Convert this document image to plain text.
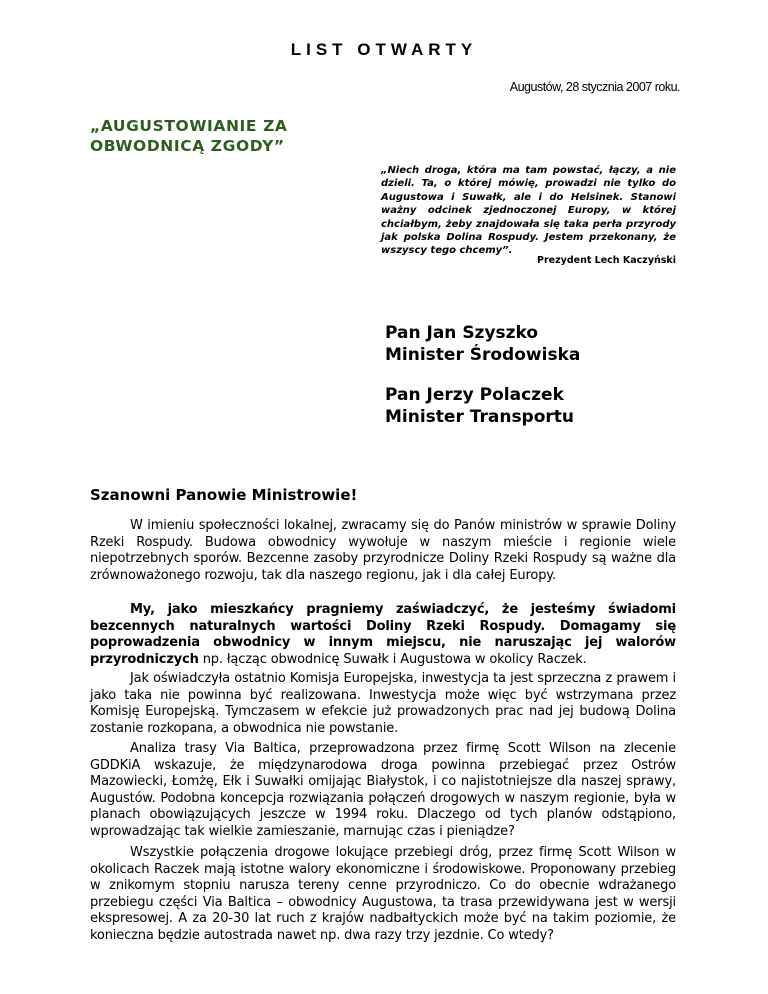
LIST OTWARTY
Augustów, 28 stycznia 2007 roku.
„AUGUSTOWIANIE ZA
OBWODNICĄ ZGODY”

„Niech droga, która ma tam powstać, łączy, a nie dzieli. Ta, o której mówię, prowadzi nie tylko do Augustowa i Suwałk, ale i do Helsinek. Stanowi ważny odcinek zjednoczonej Europy, w której chciałbym, żeby znajdowała się taka perła przyrody jak polska Dolina Rospudy. Jestem przekonany, że wszyscy tego chcemy”.

Prezydent Lech Kaczyński
Pan Jan Szyszko
Minister Środowiska
Pan Jerzy Polaczek
Minister Transportu
Szanowni Panowie Ministrowie!

W imieniu społeczności lokalnej, zwracamy się do Panów ministrów w sprawie Doliny Rzeki Rospudy. Budowa obwodnicy wywołuje w naszym mieście i regionie wiele niepotrzebnych sporów. Bezcenne zasoby przyrodnicze Doliny Rzeki Rospudy są ważne dla zrównoważonego rozwoju, tak dla naszego regionu, jak i dla całej Europy.

My, jako mieszkańcy pragniemy zaświadczyć, że jesteśmy świadomi bezcennych naturalnych wartości Doliny Rzeki Rospudy. Domagamy się poprowadzenia obwodnicy w innym miejscu, nie naruszając jej walorów przyrodniczych np. łącząc obwodnicę Suwałk i Augustowa w okolicy Raczek.

Jak oświadczyła ostatnio Komisja Europejska, inwestycja ta jest sprzeczna z prawem i jako taka nie powinna być realizowana. Inwestycja może więc być wstrzymana przez Komisję Europejską. Tymczasem w efekcie już prowadzonych prac nad jej budową Dolina zostanie rozkopana, a obwodnica nie powstanie.

Analiza trasy Via Baltica, przeprowadzona przez firmę Scott Wilson na zlecenie GDDKiA wskazuje, że międzynarodowa droga powinna przebiegać przez Ostrów Mazowiecki, Łomżę, Ełk i Suwałki omijając Białystok, i co najistotniejsze dla naszej sprawy, Augustów. Podobna koncepcja rozwiązania połączeń drogowych w naszym regionie, była w planach obowiązujących jeszcze w 1994 roku. Dlaczego od tych planów odstąpiono, wprowadzając tak wielkie zamieszanie, marnując czas i pieniądze?

Wszystkie połączenia drogowe lokujące przebiegi dróg, przez firmę Scott Wilson w okolicach Raczek mają istotne walory ekonomiczne i środowiskowe. Proponowany przebieg w znikomym stopniu narusza tereny cenne przyrodniczo. Co do obecnie wdrażanego przebiegu części Via Baltica – obwodnicy Augustowa, ta trasa przewidywana jest w wersji ekspresowej. A za 20-30 lat ruch z krajów nadbałtyckich może być na takim poziomie, że konieczna będzie autostrada nawet np. dwa razy trzy jezdnie. Co wtedy?
